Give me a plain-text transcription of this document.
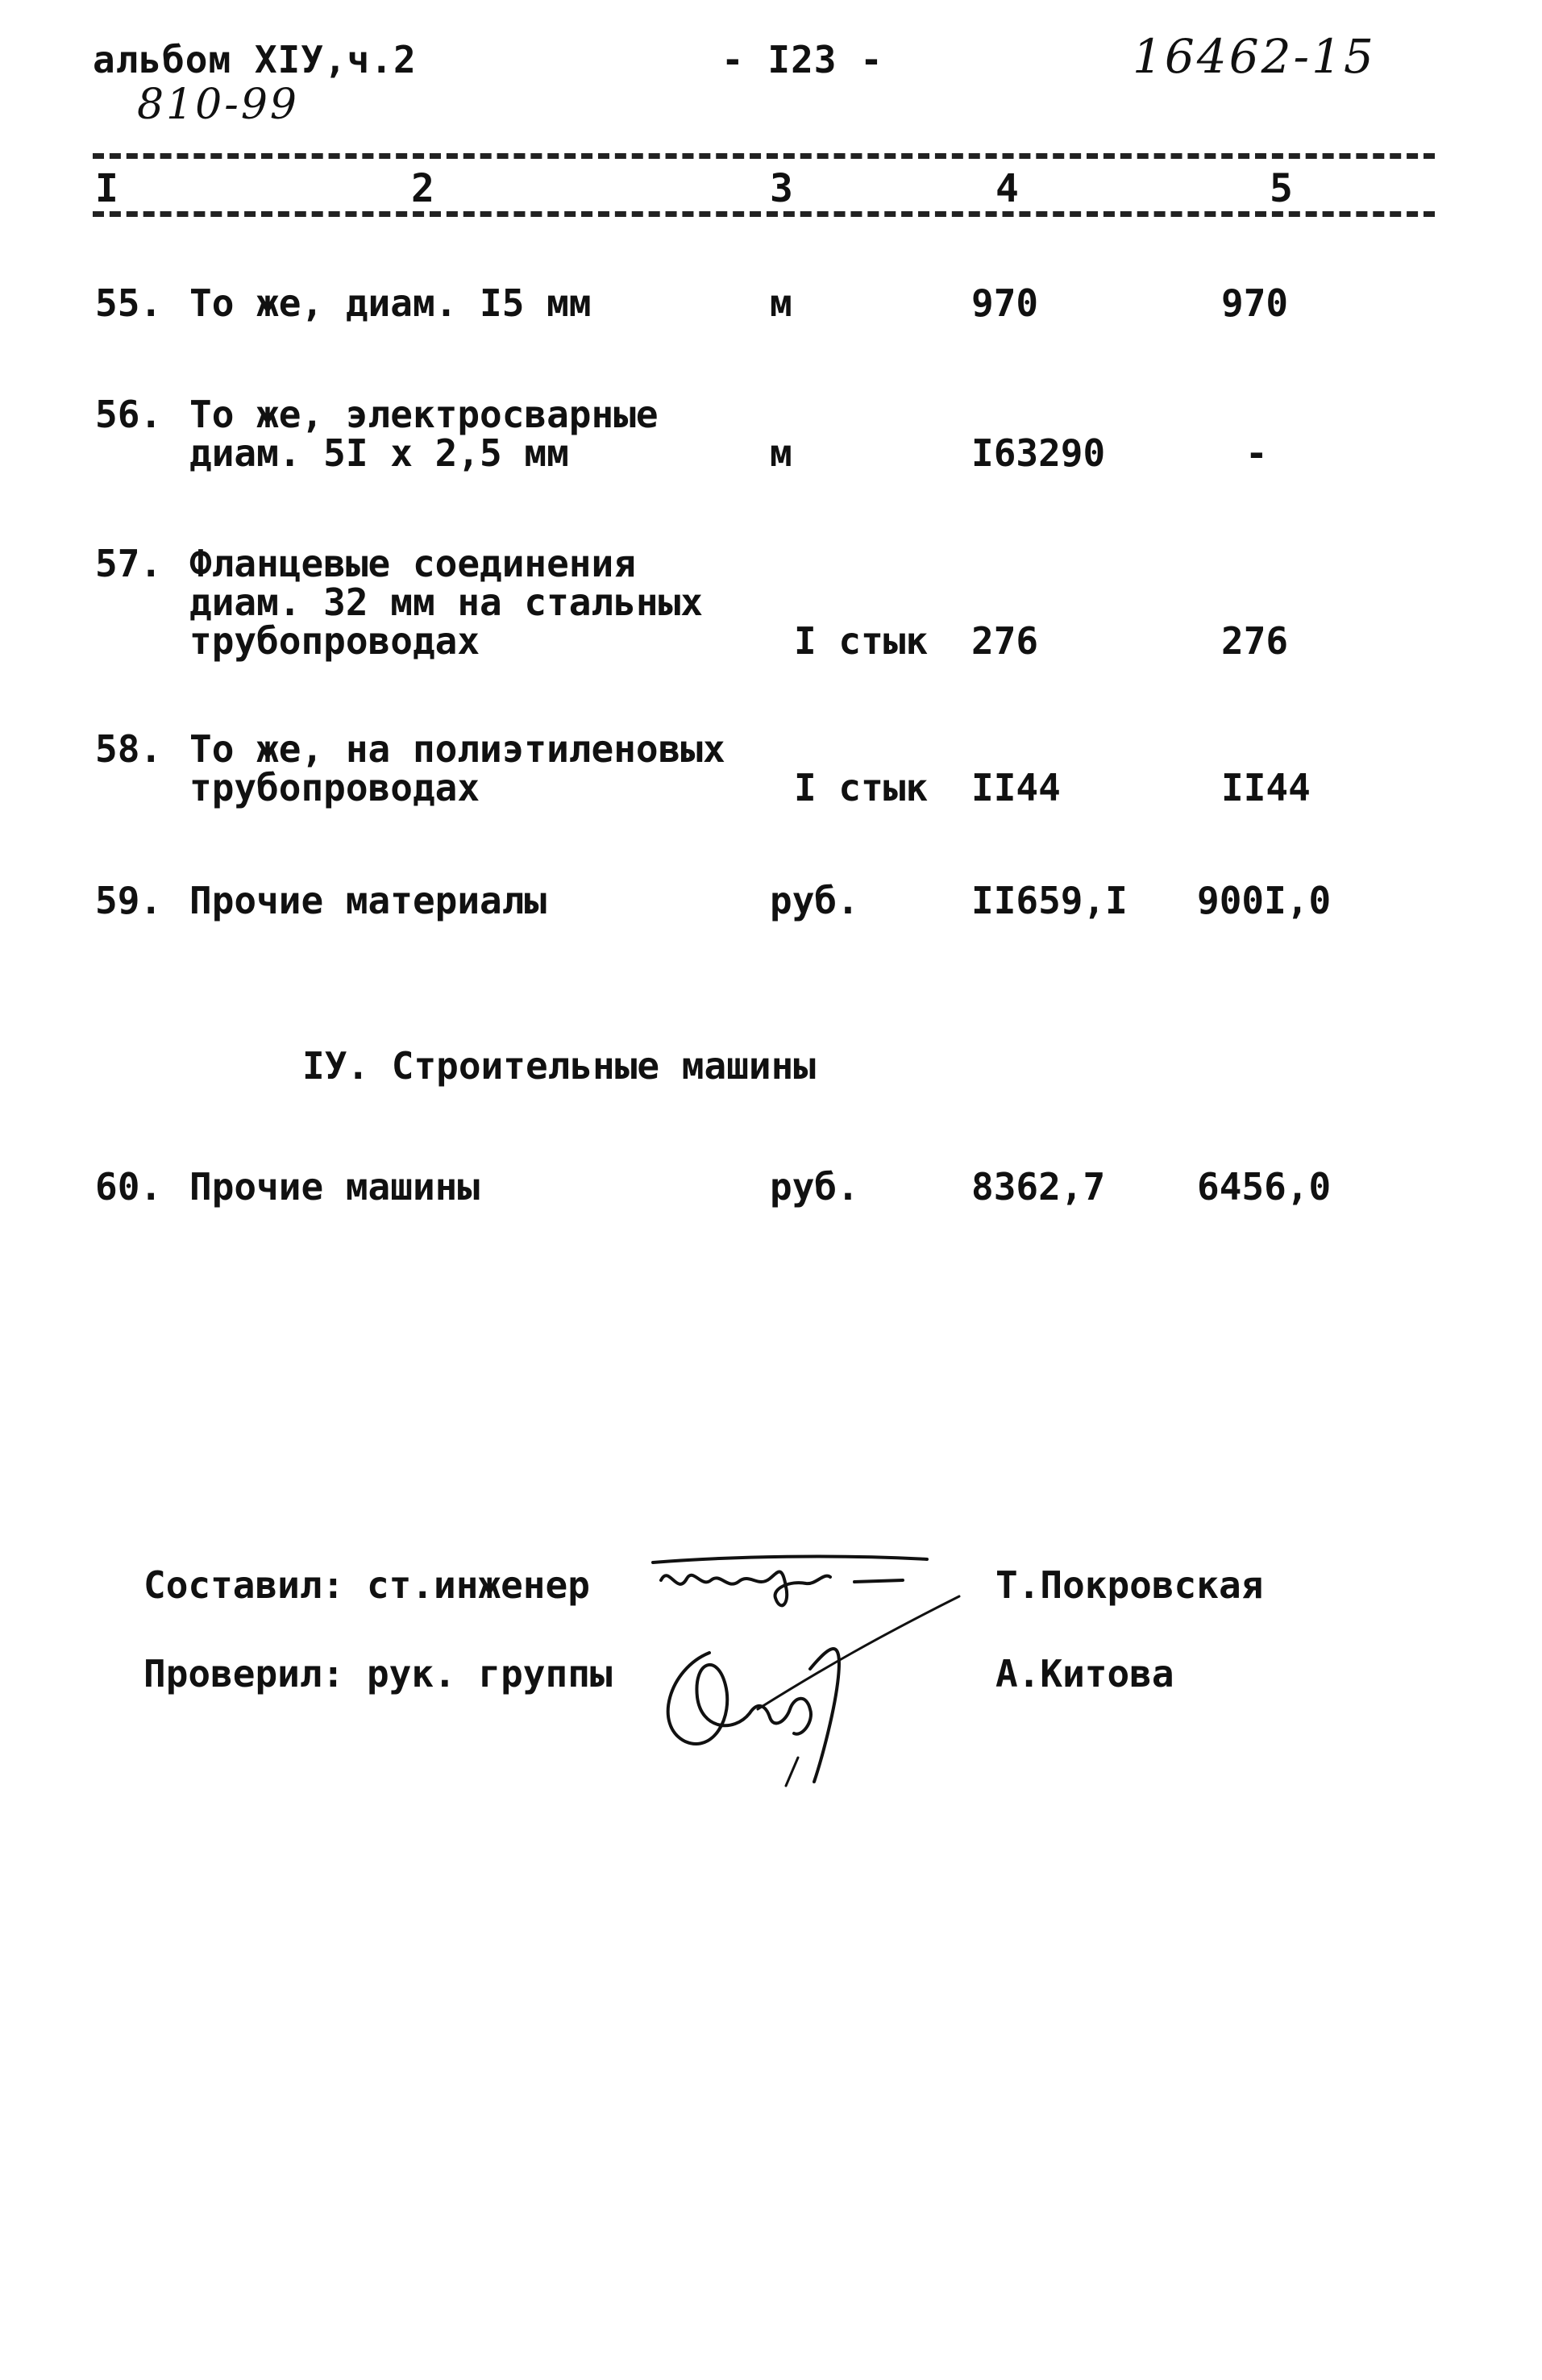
альбом ХIУ,ч.2	- I23 -	16462-15
810-99
I	2	3	4	5
55. То же, диам. I5 мм	м	970	970
56. То же, электросварные
диам. 5I х 2,5 мм	м	I63290	-
57. Фланцевые соединения
диам. 32 мм на стальных
трубопроводах	I стык 276	276
58. То же, на полиэтиленовых
трубопроводах	I стык II44	II44
59. Прочие материалы	руб.	II659,I 900I,0
IУ. Строительные машины
60. Прочие машины	руб.	8362,7 6456,0
Составил: ст.инженер	Т.Покровская
Проверил: рук. группы	А.Китова
